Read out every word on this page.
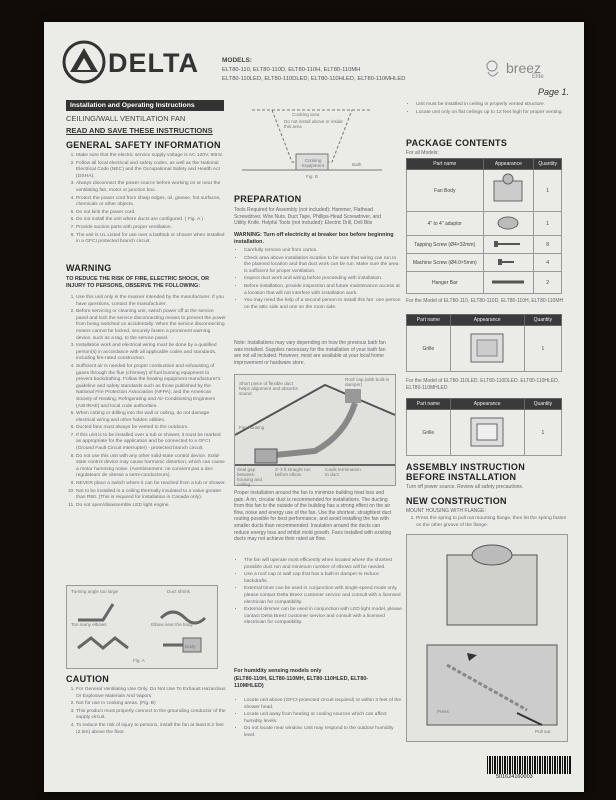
DELTA	MODELS:
ELT80-110, ELT80-110D, ELT80-110H, ELT80-110MH
ELT80-110LED, ELT80-110DLED, ELT80-110HLED, ELT80-110MHLED
breez
Elite
Page 1.
Installation and Operating Instructions
CEILING/WALL VENTILATION FAN
READ AND SAVE THESE INSTRUCTIONS
GENERAL SAFETY INFORMATION
1. Make sure that the electric service supply voltage is AC 120V, 60Hz.
2. Follow all local electrical and safety codes, as well as the National Electrical Code (NEC) and the Occupational Safety and Health Act (OSHA).
3. Always disconnect the power source before working on or near the ventilating fan, motor or junction box.
4. Protect the power cord from sharp edges, oil, grease, hot surfaces, chemicals or other objects.
5. Do not kink the power cord.
6. Do not install the unit where ducts are configured. ( Fig. A )
7. Provide suction parts with proper ventilation.
8. The unit is UL Listed for use over a bathtub or shower when installed in a GFCI protected branch circuit.
WARNING
TO REDUCE THE RISK OF FIRE, ELECTRIC SHOCK, OR INJURY TO PERSONS, OBSERVE THE FOLLOWING:
1. Use this unit only in the manner intended by the manufacturer. If you have questions, contact the manufacturer.
2. Before servicing or cleaning unit, switch power off at the service panel and lock the service disconnecting means to prevent the power from being switched on accidentally. When the service disconnecting means cannot be locked, securely fasten a prominent warning device, such as a tag, to the service panel.
3. Installation work and electrical wiring must be done by a qualified person(s) in accordance with all applicable codes and standards, including fire-rated construction.
4. Sufficient air is needed for proper combustion and exhausting of gases through the flue (chimney) of fuel burning equipment to prevent backdrafting. Follow the heating equipment manufacturer's guideline and safety standards such as those published by the National Fire Protection Association (NFPA), and the American Society of Heating, Refrigerating and Air-Conditioning Engineers (ASHRAE) and local code authorities.
5. When cutting or drilling into the wall or ceiling, do not damage electrical wiring and other hidden utilities.
6. Ducted fans must always be vented to the outdoors.
7. If this unit is to be installed over a tub or shower, it must be marked as appropriate for the application and be connected to a GFCI (Ground Fault Circuit Interrupter) - protected branch circuit.
8. Do not use this unit with any other solid-state control device. Solid-state control device may cause harmonic distortion, which can cause a motor humming noise. (Avertissement: ne convient pas a des regulateurs de vitesse a semi-conducteurs).
9. NEVER place a switch where it can be reached from a tub or shower.
10. Not to be installed in a ceiling thermally insulated to a value greater than R50. (This is required for installation in Canada only).
11. Do not open/disassemble LED light engine.
Turning angle too large	Duct shrink
Too many elbows	Elbow near the body
Body
Fig. A
CAUTION
1. For General Ventilating Use Only. Do Not Use To Exhaust Hazardous Or Explosive Materials And Vapors.
2. Not for use in cooking areas. (Fig. B)
3. This product must properly connect to the grounding conductor of the supply circuit.
4. To reduce the risk of injury to persons, install the fan at least 8.2 feet (2.5m) above the floor.
Cooking area
Do not install above or inside this area
Cooking Equipment	Bath
Fig. B
PREPARATION
Tools Required for Assembly (not included): Hammer, Flathead Screwdriver, Wire Nuts, Duct Tape, Phillips-Head Screwdriver, and Utility Knife. Helpful Tools (not included): Electric Drill, Drill Bits
WARNING: Turn off electricity at breaker box before beginning installation.
• Carefully remove unit from carton.
• Check area above installation location to be sure that wiring can run to the planned location and that duct work can be run. Make sure the area is sufficient for proper ventilation.
• Inspect duct work and wiring before proceeding with installation.
• Before installation, provide inspection and future maintenance access at a location that will not interfere with installation work.
• You may need the help of a second person to install this fan: one person on the attic side and one on the room side.
Note: Installations may vary depending on how the previous bath fan was installed. Supplies necessary for the installation of your bath fan are not all included. However, most are available at your local home improvement or hardware store.
Roof cap (with built-in damper)
Short piece of flexible duct helps alignment and absorbs sound
Fan housing
Seal gap between housing and ceiling
2'-3 ft straight run before elbow
Caulk termination to duct
Proper installation around the fan to minimize building heat loss and gain. A rin, circular duct is recommended for installations. The ducting from this fan to the outside of the building has a strong effect on the air flow, noise and energy use of the fan. Use the shortest, straightest duct routing possible for best performance, and avoid installing the fan with smaller ducts than recommended. Insulation around the ducts can reduce energy loss and inhibit mold growth. Fans installed with existing ducts may not achieve their rated air flow.
• The fan will operate most efficiently when located where the shortest possible duct run and minimum number of elbows will be needed.
• Use a roof cap or wall cap that has a built-in damper to reduce backdrafts.
• External timer can be used in conjunction with single-speed mode only, please contact Delta Breez customer service and consult with a licensed electrician for compatibility.
• External dimmer can be used in conjunction with LED light model, please contact Delta Breez customer service and consult with a licensed electrician for compatibility.
For humidity sensing models only
(ELT80-110H, ELT80-110MH, ELT80-110HLED, ELT80-110MHLED)
• Locate unit above (GFCI-protected circuit required) or within 3 feet of the shower head.
• Locate unit away from heating or cooling sources which can affect humidity levels.
• Do not locate near window. Unit may respond to the outdoor humidity level.
• Unit must be installed in ceiling in properly vented structure.
• Locate unit only on flat ceilings up to 12 feet high for proper venting.
PACKAGE CONTENTS
For all Models:
Part name	Appearance	Quantity
Fan Body		1
4" to 4" adaptor		1
Tapping Screw (Ø4×32mm)		8
Machine Screw (Ø4.0×5mm)		4
Hanger Bar		2
For the Model of ELT80-110, ELT80-110D, ELT80-110H, ELT80-110MH
Part name	Appearance	Quantity
Grille		1
For the Model of ELT80-110LED, ELT80-110DLED, ELT80-110HLED, ELT80-110MHLED
Part name	Appearance	Quantity
Grille		1
ASSEMBLY INSTRUCTION BEFORE INSTALLATION
Turn off power source. Review all safety precautions.
NEW CONSTRUCTION
MOUNT HOUSING WITH FLANGE:
1. Press the spring to pull out mounting flange, then let the spring fasten on the other groove of the flange.
Press
Pull out
501624160003
